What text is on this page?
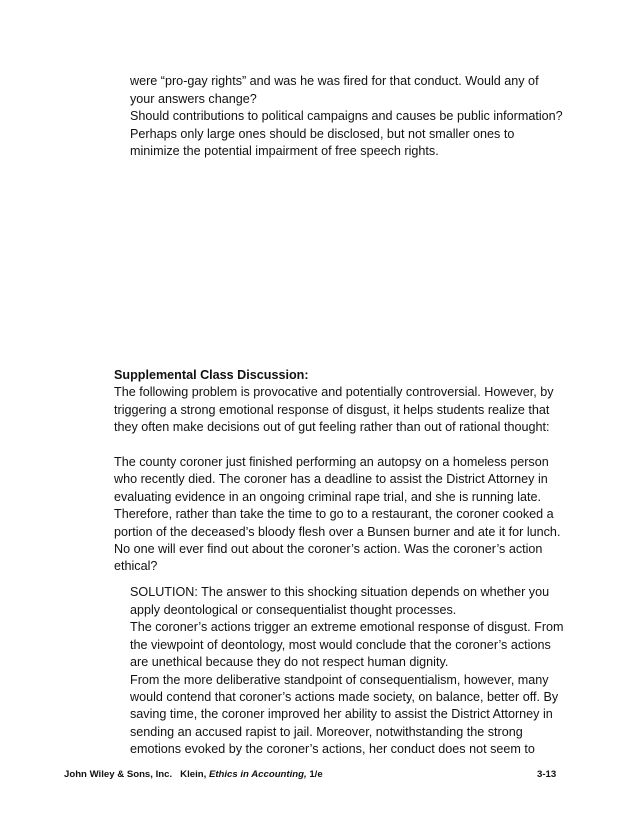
were “pro-gay rights” and was he was fired for that conduct. Would any of

your answers change?

Should contributions to political campaigns and causes be public information?

Perhaps only large ones should be disclosed, but not smaller ones to

minimize the potential impairment of free speech rights.

Supplemental Class Discussion:

The following problem is provocative and potentially controversial. However, by

triggering a strong emotional response of disgust, it helps students realize that

they often make decisions out of gut feeling rather than out of rational thought:

The county coroner just finished performing an autopsy on a homeless person

who recently died. The coroner has a deadline to assist the District Attorney in

evaluating evidence in an ongoing criminal rape trial, and she is running late.

Therefore, rather than take the time to go to a restaurant, the coroner cooked a

portion of the deceased’s bloody flesh over a Bunsen burner and ate it for lunch.

No one will ever find out about the coroner’s action. Was the coroner’s action

ethical?

SOLUTION: The answer to this shocking situation depends on whether you

apply deontological or consequentialist thought processes.

The coroner’s actions trigger an extreme emotional response of disgust. From

the viewpoint of deontology, most would conclude that the coroner’s actions

are unethical because they do not respect human dignity.

From the more deliberative standpoint of consequentialism, however, many

would contend that coroner’s actions made society, on balance, better off. By

saving time, the coroner improved her ability to assist the District Attorney in

sending an accused rapist to jail. Moreover, notwithstanding the strong

emotions evoked by the coroner’s actions, her conduct does not seem to

John Wiley & Sons, Inc. Klein, Ethics in Accounting, 1/e	3-13
